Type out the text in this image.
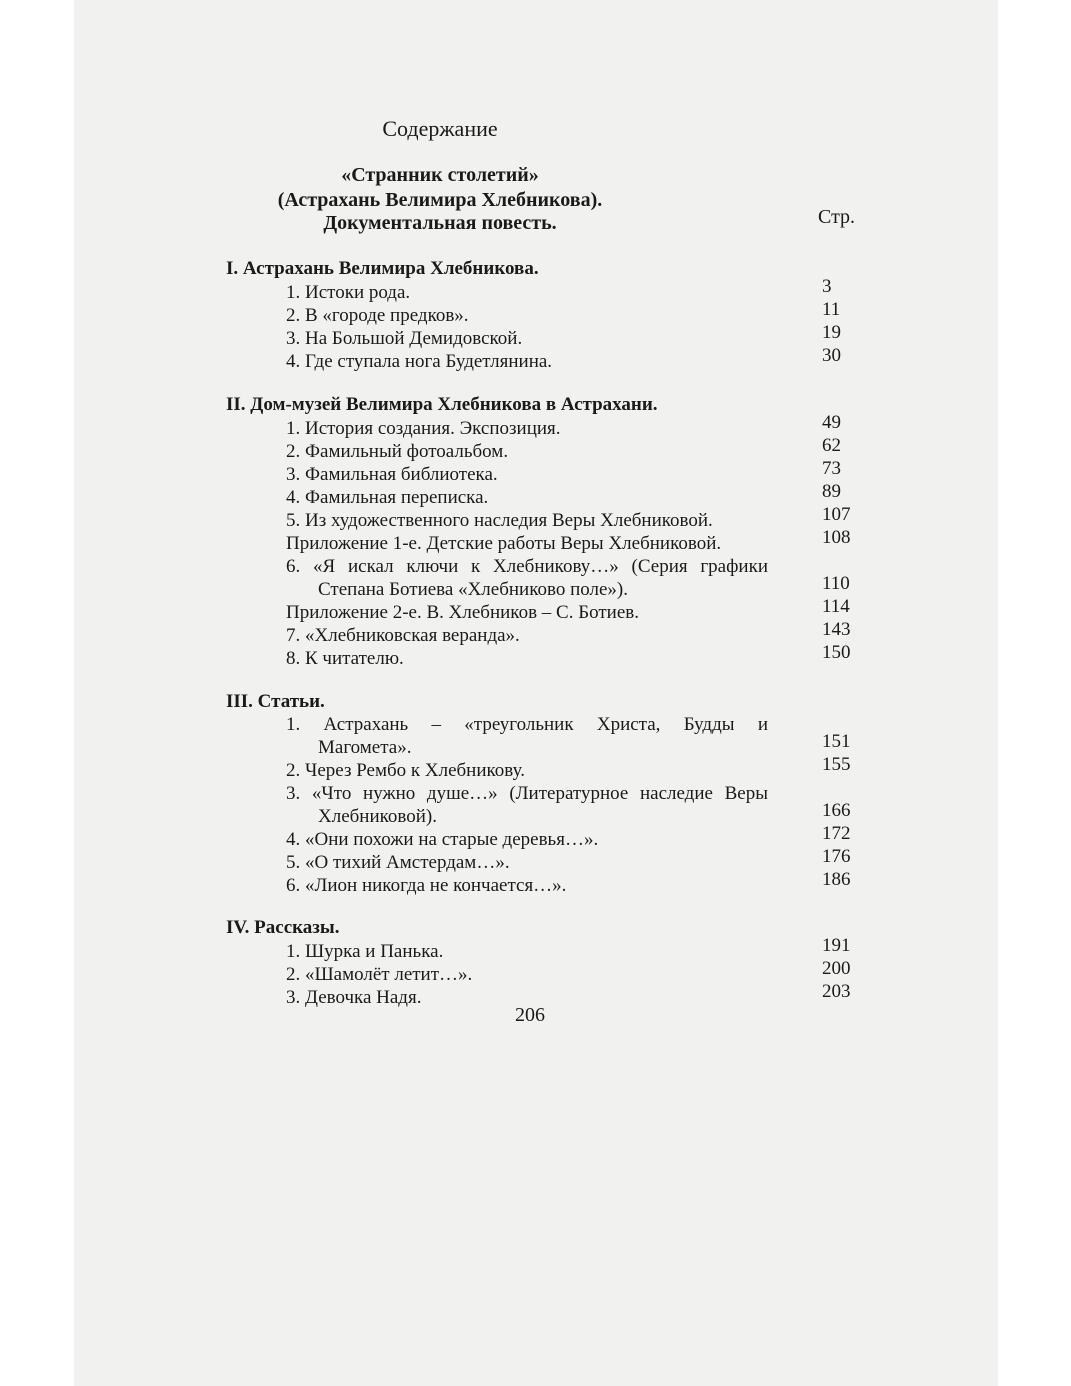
Содержание
«Странник столетий»
(Астрахань Велимира Хлебникова).
Документальная повесть.	Стр.
I. Астрахань Велимира Хлебникова.
1. Истоки рода.	3
2. В «городе предков».	11
3. На Большой Демидовской.	19
4. Где ступала нога Будетлянина.	30
II. Дом-музей Велимира Хлебникова в Астрахани.
1. История создания. Экспозиция.	49
2. Фамильный фотоальбом.	62
3. Фамильная библиотека.	73
4. Фамильная переписка.	89
5. Из художественного наследия Веры Хлебниковой.	107
Приложение 1-е. Детские работы Веры Хлебниковой.	108
6. «Я искал ключи к Хлебникову…» (Серия графики
Степана Ботиева «Хлебниково поле»).	110
Приложение 2-е. В. Хлебников – С. Ботиев.	114
7. «Хлебниковская веранда».	143
8. К читателю.	150
III. Статьи.
1. Астрахань – «треугольник Христа, Будды и
Магомета».	151
2. Через Рембо к Хлебникову.	155
3. «Что нужно душе…» (Литературное наследие Веры
Хлебниковой).	166
4. «Они похожи на старые деревья…».	172
5. «О тихий Амстердам…».	176
6. «Лион никогда не кончается…».	186
IV. Рассказы.
1. Шурка и Панька.	191
2. «Шамолёт летит…».	200
3. Девочка Надя.	203
206
